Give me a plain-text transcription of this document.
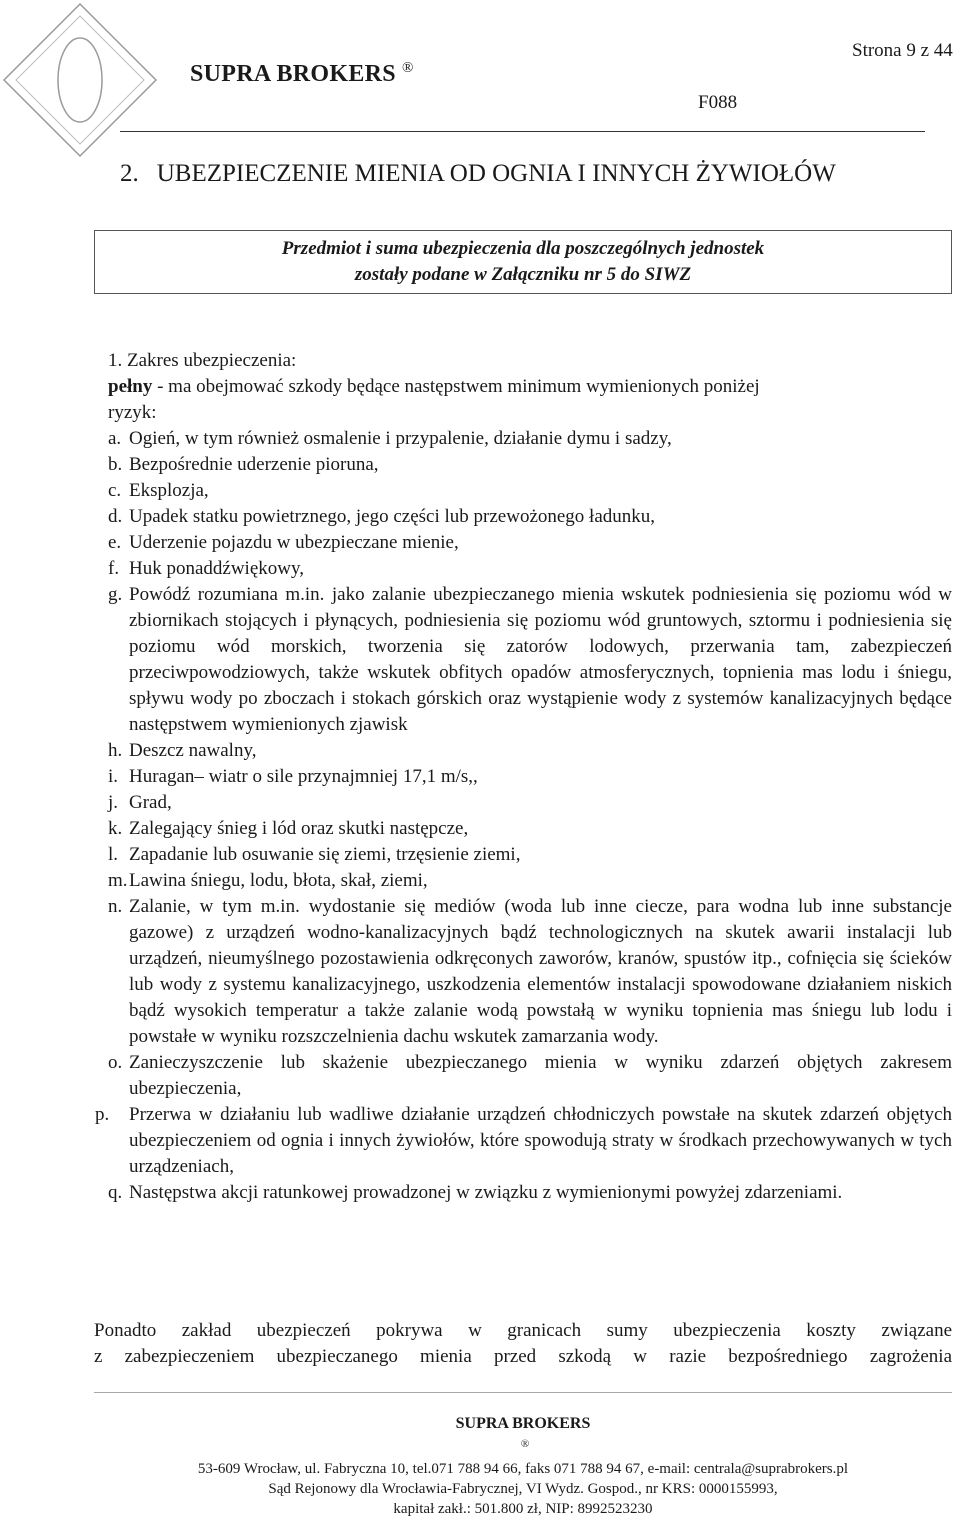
SUPRA BROKERS ®
Strona 9 z 44
F088
2. UBEZPIECZENIE MIENIA OD OGNIA I INNYCH ŻYWIOŁÓW
Przedmiot i suma ubezpieczenia dla poszczególnych jednostek
zostały podane w Załączniku nr 5 do SIWZ
1. Zakres ubezpieczenia:
pełny - ma obejmować szkody będące następstwem minimum wymienionych poniżej
ryzyk:
a. Ogień, w tym również osmalenie i przypalenie, działanie dymu i sadzy,
b. Bezpośrednie uderzenie pioruna,
c. Eksplozja,
d. Upadek statku powietrznego, jego części lub przewożonego ładunku,
e. Uderzenie pojazdu w ubezpieczane mienie,
f. Huk ponaddźwiękowy,
g. Powódź rozumiana m.in. jako zalanie ubezpieczanego mienia wskutek podniesienia się poziomu wód w zbiornikach stojących i płynących, podniesienia się poziomu wód gruntowych, sztormu i podniesienia się poziomu wód morskich, tworzenia się zatorów lodowych, przerwania tam, zabezpieczeń przeciwpowodziowych, także wskutek obfitych opadów atmosferycznych, topnienia mas lodu i śniegu, spływu wody po zboczach i stokach górskich oraz wystąpienie wody z systemów kanalizacyjnych będące następstwem wymienionych zjawisk
h. Deszcz nawalny,
i. Huragan– wiatr o sile przynajmniej 17,1 m/s,,
j. Grad,
k. Zalegający śnieg i lód oraz skutki następcze,
l. Zapadanie lub osuwanie się ziemi, trzęsienie ziemi,
m. Lawina śniegu, lodu, błota, skał, ziemi,
n. Zalanie, w tym m.in. wydostanie się mediów (woda lub inne ciecze, para wodna lub inne substancje gazowe) z urządzeń wodno-kanalizacyjnych bądź technologicznych na skutek awarii instalacji lub urządzeń, nieumyślnego pozostawienia odkręconych zaworów, kranów, spustów itp., cofnięcia się ścieków lub wody z systemu kanalizacyjnego, uszkodzenia elementów instalacji spowodowane działaniem niskich bądź wysokich temperatur a także zalanie wodą powstałą w wyniku topnienia mas śniegu lub lodu i powstałe w wyniku rozszczelnienia dachu wskutek zamarzania wody.
o. Zanieczyszczenie lub skażenie ubezpieczanego mienia w wyniku zdarzeń objętych zakresem ubezpieczenia,
p.	Przerwa w działaniu lub wadliwe działanie urządzeń chłodniczych powstałe na skutek zdarzeń objętych ubezpieczeniem od ognia i innych żywiołów, które spowodują straty w środkach przechowywanych w tych urządzeniach,
q. Następstwa akcji ratunkowej prowadzonej w związku z wymienionymi powyżej zdarzeniami.
Ponadto zakład ubezpieczeń pokrywa w granicach sumy ubezpieczenia koszty związane
z zabezpieczeniem ubezpieczanego mienia przed szkodą w razie bezpośredniego zagrożenia
SUPRA BROKERS
®
53-609 Wrocław, ul. Fabryczna 10, tel.071 788 94 66, faks 071 788 94 67, e-mail: centrala@suprabrokers.pl
Sąd Rejonowy dla Wrocławia-Fabrycznej, VI Wydz. Gospod., nr KRS: 0000155993,
kapitał zakł.: 501.800 zł, NIP: 8992523230
